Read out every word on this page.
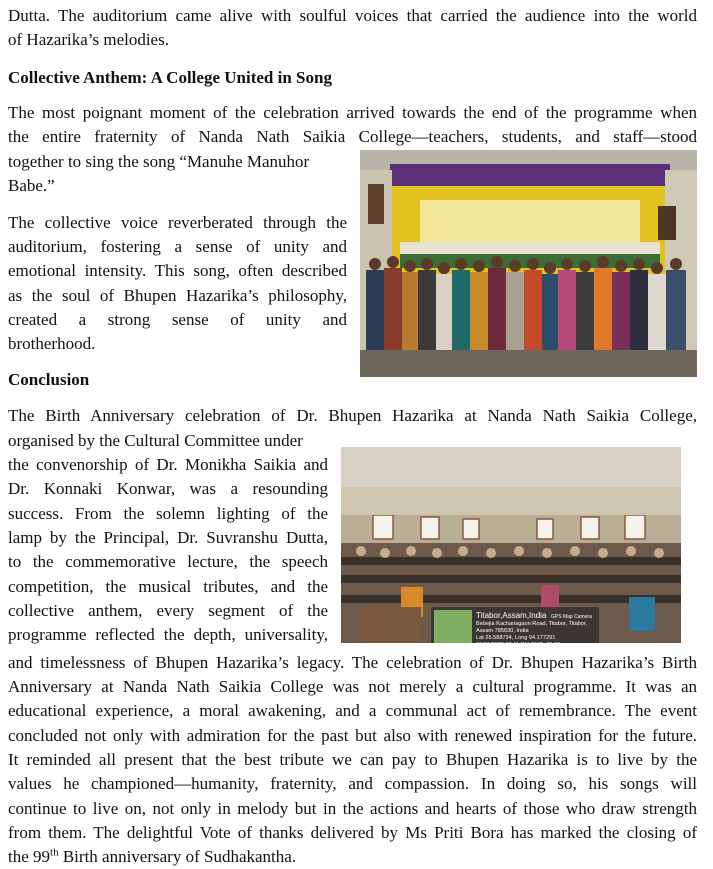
Dutta. The auditorium came alive with soulful voices that carried the audience into the world

of Hazarika’s melodies.

Collective Anthem: A College United in Song

The most poignant moment of the celebration arrived towards the end of the programme when

the entire fraternity of Nanda Nath Saikia College—teachers, students, and staff—stood

together to sing the song “Manuhe Manuhor

Babe.”

The collective voice reverberated through the

auditorium, fostering a sense of unity and

emotional intensity. This song, often described

as the soul of Bhupen Hazarika’s philosophy,

created a strong sense of unity and

brotherhood.

Conclusion

The Birth Anniversary celebration of Dr. Bhupen Hazarika at Nanda Nath Saikia College,

organised by the Cultural Committee under

the convenorship of Dr. Monikha Saikia and

Dr. Konnaki Konwar, was a resounding

success. From the solemn lighting of the

lamp by the Principal, Dr. Suvranshu Dutta,

to the commemorative lecture, the speech

competition, the musical tributes, and the

collective anthem, every segment of the

programme reflected the depth, universality,

Titabor,Assam,India
Bebejia Kachariagaon Road, Titabor, Titabor, Assam 785630, India
Lat 26.588734, Long 94.177291
GPS Map Camera

and timelessness of Bhupen Hazarika’s legacy. The celebration of Dr. Bhupen Hazarika’s Birth

Anniversary at Nanda Nath Saikia College was not merely a cultural programme. It was an

educational experience, a moral awakening, and a communal act of remembrance. The event

concluded not only with admiration for the past but also with renewed inspiration for the future.

It reminded all present that the best tribute we can pay to Bhupen Hazarika is to live by the

values he championed—humanity, fraternity, and compassion. In doing so, his songs will

continue to live on, not only in melody but in the actions and hearts of those who draw strength

from them. The delightful Vote of thanks delivered by Ms Priti Bora has marked the closing of

the 99th Birth anniversary of Sudhakantha.
